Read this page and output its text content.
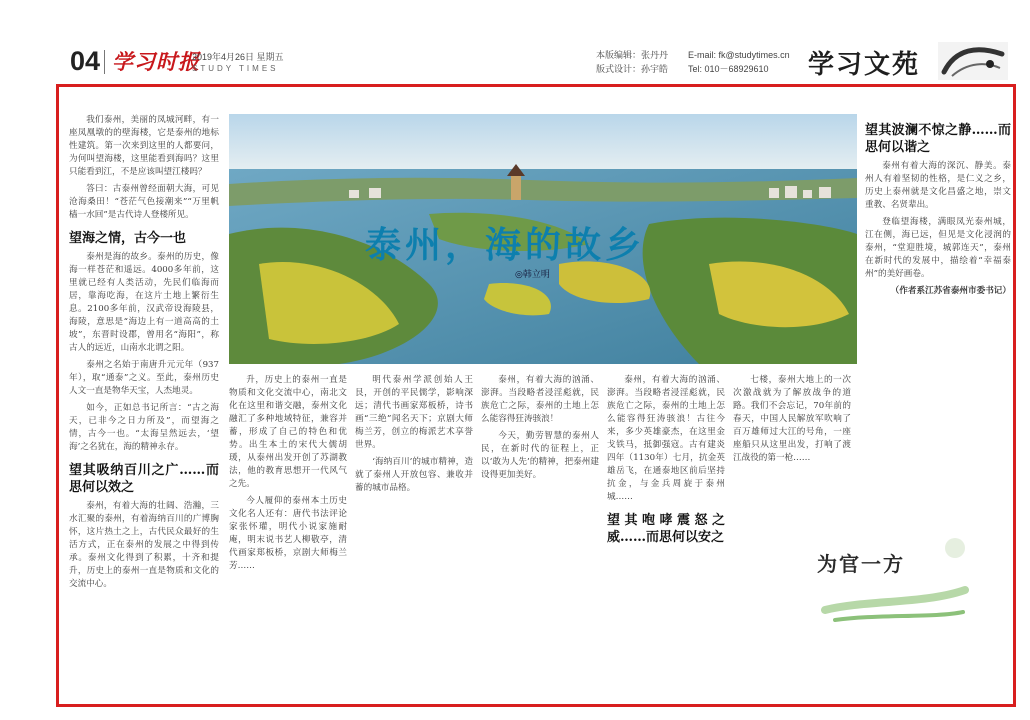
04 学习时报
2019年4月26日 星期五
STUDY TIMES
本版编辑：张丹丹
版式设计：孙宇皓
E-mail: fk@studytimes.cn
Tel: 010－68929610	学习文苑

我们泰州，美丽的凤城河畔，有一座凤凰墩的的壁海楼，它是泰州的地标性建筑。第一次来到这里的人都要问，为何叫望海楼，这里能看到海吗？这里只能看到江，不是应该叫望江楼吗？

答曰：古泰州曾经面朝大海，可见沧海桑田！“苍茫气色接潮来”“万里帆樯一水回”是古代诗人登楼所见。

望海之情，古今一也

泰州是海的故乡。泰州的历史，像海一样苍茫和遥远。4000多年前，这里就已经有人类活动，先民们临海而居，靠海吃海，在这片土地上繁衍生息。2100多年前，汉武帝设海陵县，海陵，意思是“海边上有一道高高的土坡”，东晋时设郡，曾用名“海阳”，称古人的远近，山南水北谓之阳。

泰州之名始于南唐升元元年（937年），取“通泰”之义。至此，泰州历史人文一直是物华天宝，人杰地灵。

如今，正如总书记所言：“古之海天，已非今之日力所及”，而望海之情，古今一也。“太海呈然远去，‘望海’之名犹在，海的精神永存。

望其吸纳百川之广……而思何以效之

泰州，有着大海的壮阔、浩瀚，三水汇聚的泰州，有着海纳百川的广博胸怀，这片热土之上，古代民众最好的生活方式，正在泰州的发展之中得到传承。泰州文化得到了积累，十齐和提升，历史上的泰州一直是物质和文化的交流中心。

泰州，海的故乡
◎韩立明

升，历史上的泰州一直是物质和文化交流中心，南北文化在这里和谐交融，泰州文化融汇了多种地域特征，兼容并蓄，形成了自己的特色和优势。出生本土的宋代大儒胡瑗，从泰州出发开创了苏湖教法，他的教育思想开一代风气之先。

今人履仰的泰州本土历史文化名人还有：唐代书法评论家张怀瓘，明代小说家施耐庵，明末说书艺人柳敬亭，清代画家郑板桥，京剧大师梅兰芳……

明代泰州学派创始人王艮，开创的平民儒学，影响深远；清代书画家郑板桥，诗书画“三绝”闻名天下；京剧大师梅兰芳，创立的梅派艺术享誉世界。

‘海纳百川’的城市精神，造就了泰州人开放包容、兼收并蓄的城市品格。

泰州，有着大海的汹涌、澎湃。当段略者浸淫彪就，民族危亡之际，泰州的土地上怎么能容得狂涛骇浪！

今天，勤劳智慧的泰州人民，在新时代的征程上，正以‘敢为人先’的精神，把泰州建设得更加美好。

泰州，有着大海的汹涌、澎湃。当段略者浸淫彪就，民族危亡之际，泰州的土地上怎么能容得狂涛骇浪！古往今来，多少英雄豪杰，在这里金戈铁马，抵御强寇。古有建炎四年（1130年）七月，抗金英雄岳飞，在通泰地区前后坚持抗金，与金兵周旋于泰州城……

望其咆哮震怒之威……而思何以安之

七楼，泰州大地上的一次次激战就为了解放战争的道路。我们不会忘记，70年前的春天，中国人民解放军吹响了百万雄师过大江的号角，一座座船只从这里出发，打响了渡江战役的第一枪……

望其波澜不惊之静……而思何以谐之

泰州有着大海的深沉、静美。泰州人有着坚韧的性格，是仁义之乡，历史上泰州就是文化昌盛之地，崇文重教、名贤辈出。

登临望海楼，满眼凤光泰州城，江在侧，海已远，但见是文化浸润的泰州，“堂迎胜境，城郭连天”，泰州在新时代的发展中，描绘着“幸福泰州”的美好画卷。

（作者系江苏省泰州市委书记）

为官一方
